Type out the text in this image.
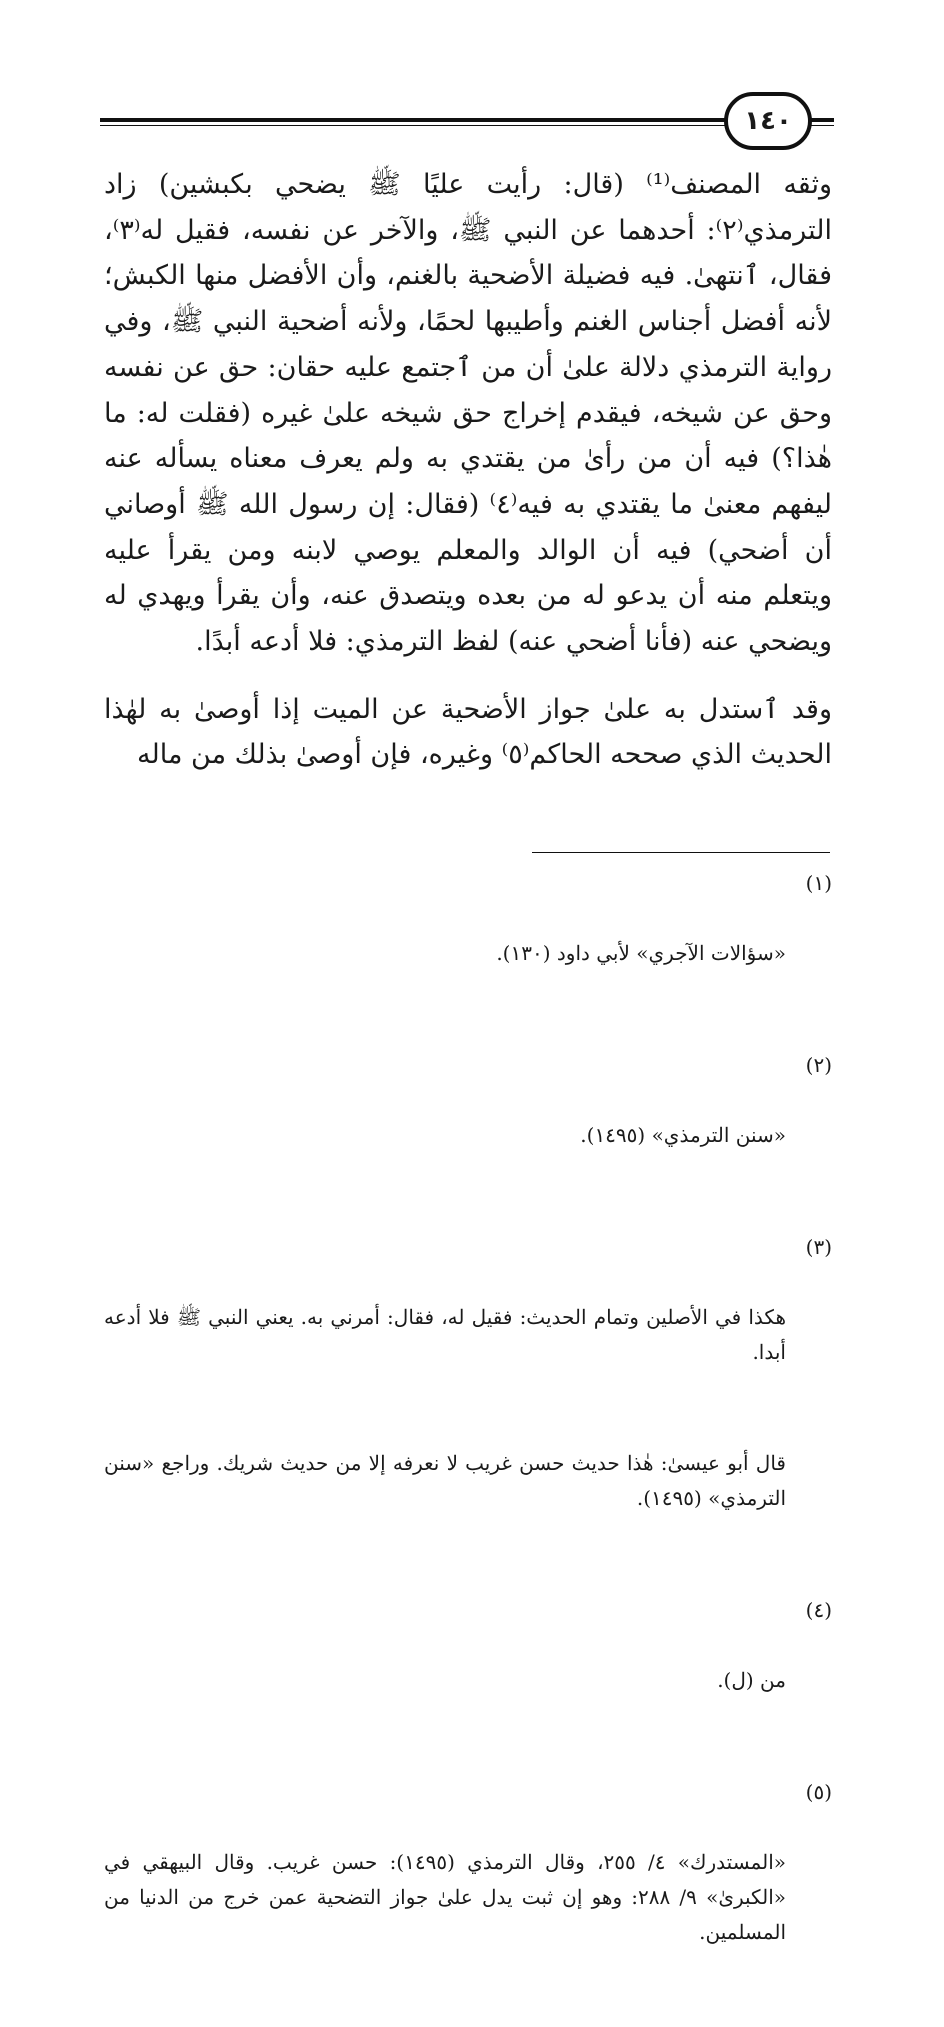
١٤٠

وثقه المصنف⁽¹⁾ (قال: رأيت عليًا ﷺ يضحي بكبشين) زاد الترمذي⁽٢⁾: أحدهما عن النبي ﷺ، والآخر عن نفسه، فقيل له⁽٣⁾، فقال، ٱنتهىٰ. فيه فضيلة الأضحية بالغنم، وأن الأفضل منها الكبش؛ لأنه أفضل أجناس الغنم وأطيبها لحمًا، ولأنه أضحية النبي ﷺ، وفي رواية الترمذي دلالة علىٰ أن من ٱجتمع عليه حقان: حق عن نفسه وحق عن شيخه، فيقدم إخراج حق شيخه علىٰ غيره (فقلت له: ما هٰذا؟) فيه أن من رأىٰ من يقتدي به ولم يعرف معناه يسأله عنه ليفهم معنىٰ ما يقتدي به فيه⁽٤⁾ (فقال: إن رسول الله ﷺ أوصاني أن أضحي) فيه أن الوالد والمعلم يوصي لابنه ومن يقرأ عليه ويتعلم منه أن يدعو له من بعده ويتصدق عنه، وأن يقرأ ويهدي له ويضحي عنه (فأنا أضحي عنه) لفظ الترمذي: فلا أدعه أبدًا.

وقد ٱستدل به علىٰ جواز الأضحية عن الميت إذا أوصىٰ به لهٰذا الحديث الذي صححه الحاكم⁽٥⁾ وغيره، فإن أوصىٰ بذلك من ماله

(١)

«سؤالات الآجري» لأبي داود (١٣٠).

(٢)

«سنن الترمذي» (١٤٩٥).

(٣)

هكذا في الأصلين وتمام الحديث: فقيل له، فقال: أمرني به. يعني النبي ﷺ فلا أدعه أبدا.

قال أبو عيسىٰ: هٰذا حديث حسن غريب لا نعرفه إلا من حديث شريك. وراجع «سنن الترمذي» (١٤٩٥).

(٤)

من (ل).

(٥)

«المستدرك» ٤/ ٢٥٥، وقال الترمذي (١٤٩٥): حسن غريب. وقال البيهقي في «الكبرىٰ» ٩/ ٢٨٨: وهو إن ثبت يدل علىٰ جواز التضحية عمن خرج من الدنيا من المسلمين.
